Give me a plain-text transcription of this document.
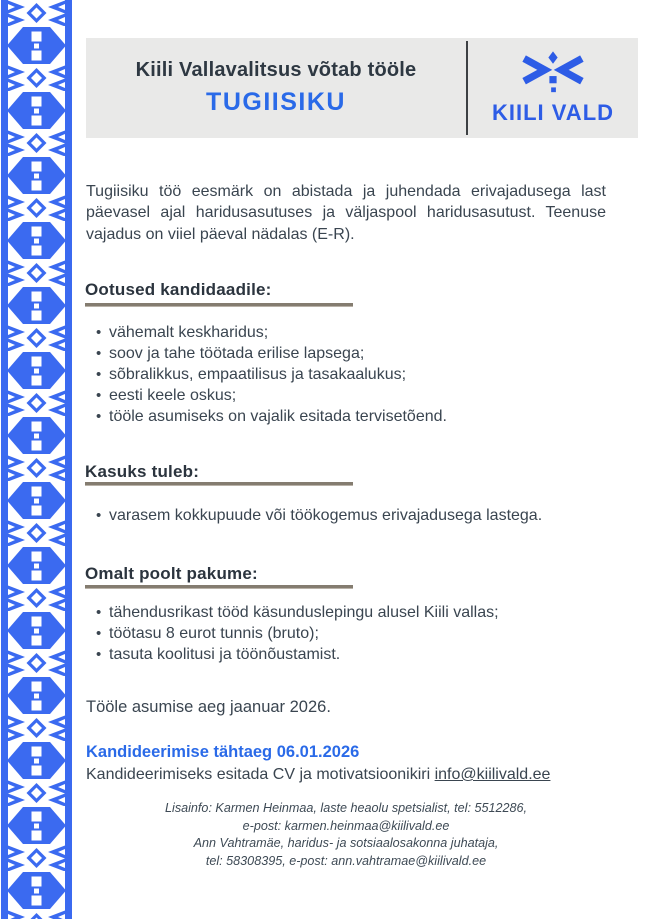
Kiili Vallavalitsus võtab tööle
TUGIISIKU	KIILI VALD

Tugiisiku töö eesmärk on abistada ja juhendada erivajadusega last päevasel ajal haridusasutuses ja väljaspool haridusasutust. Teenuse vajadus on viiel päeval nädalas (E-R).

Ootused kandidaadile:
• vähemalt keskharidus;
• soov ja tahe töötada erilise lapsega;
• sõbralikkus, empaatilisus ja tasakaalukus;
• eesti keele oskus;
• tööle asumiseks on vajalik esitada tervisetõend.
Kasuks tuleb:
• varasem kokkupuude või töökogemus erivajadusega lastega.
Omalt poolt pakume:
• tähendusrikast tööd käsunduslepingu alusel Kiili vallas;
• töötasu 8 eurot tunnis (bruto);
• tasuta koolitusi ja töönõustamist.

Tööle asumise aeg jaanuar 2026.

Kandideerimise tähtaeg 06.01.2026

Kandideerimiseks esitada CV ja motivatsioonikiri info@kiilivald.ee

Lisainfo: Karmen Heinmaa, laste heaolu spetsialist, tel: 5512286,
e-post: karmen.heinmaa@kiilivald.ee
Ann Vahtramäe, haridus- ja sotsiaalosakonna juhataja,
tel: 58308395, e-post: ann.vahtramae@kiilivald.ee
